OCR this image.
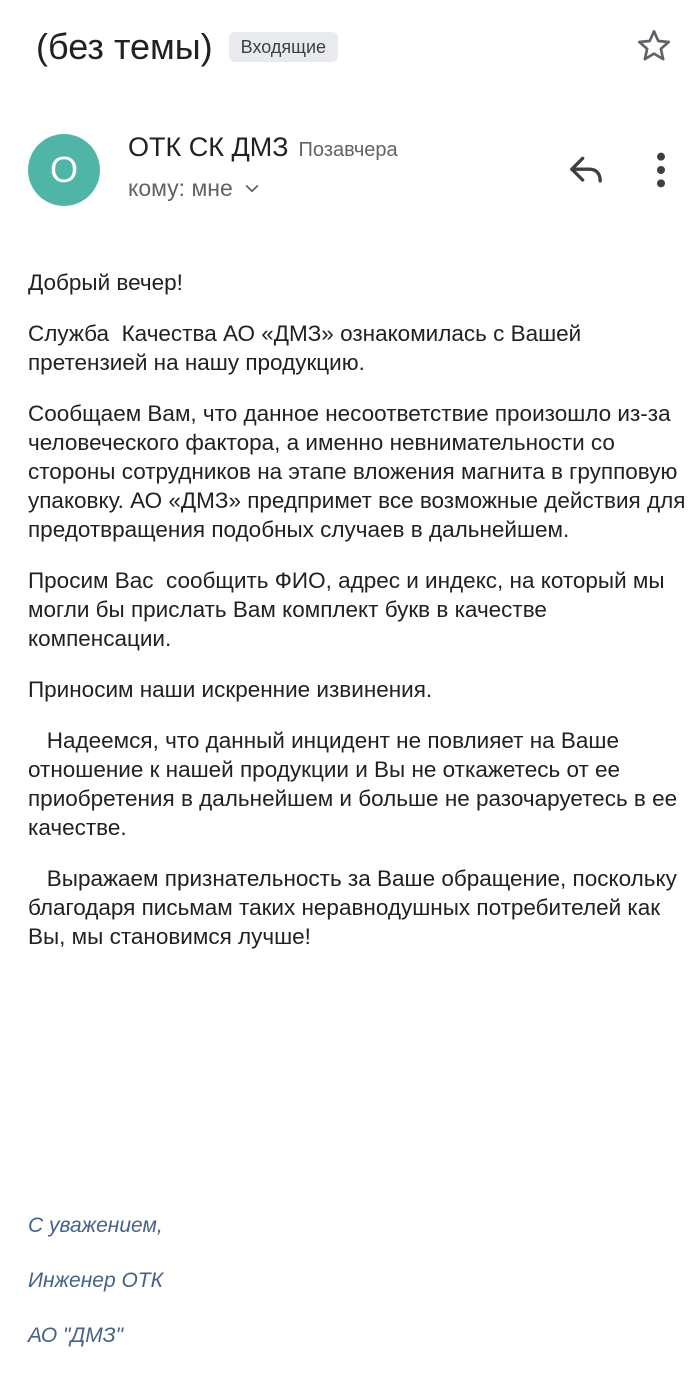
(без темы)	Входящие
О
ОТК СК ДМЗ Позавчера
кому: мне

Добрый вечер!

Служба  Качества АО «ДМЗ» ознакомилась с Вашей претензией на нашу продукцию.

Сообщаем Вам, что данное несоответствие произошло из-за человеческого фактора, а именно невнимательности со стороны сотрудников на этапе вложения магнита в групповую упаковку. АО «ДМЗ» предпримет все возможные действия для предотвращения подобных случаев в дальнейшем.

Просим Вас  сообщить ФИО, адрес и индекс, на который мы могли бы прислать Вам комплект букв в качестве компенсации.

Приносим наши искренние извинения.

Надеемся, что данный инцидент не повлияет на Ваше отношение к нашей продукции и Вы не откажетесь от ее приобретения в дальнейшем и больше не разочаруетесь в ее качестве.

Выражаем признательность за Ваше обращение, поскольку благодаря письмам таких неравнодушных потребителей как Вы, мы становимся лучше!

С уважением,
Инженер ОТК
АО "ДМЗ"
